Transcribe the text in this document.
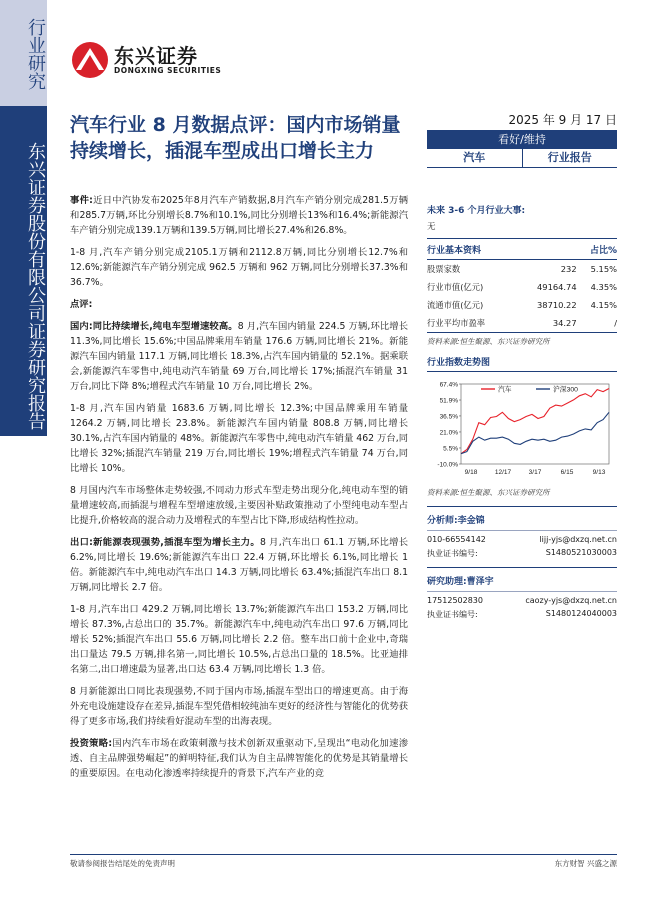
行业研究
东兴证券股份有限公司证券研究报告
东兴证券
DONGXING SECURITIES
汽车行业 8 月数据点评：国内市场销量持续增长，插混车型成出口增长主力
2025 年 9 月 17 日
看好/维持
汽车	行业报告

事件:近日中汽协发布2025年8月汽车产销数据,8月汽车产销分别完成281.5万辆和285.7万辆,环比分别增长8.7%和10.1%,同比分别增长13%和16.4%;新能源汽车产销分别完成139.1万辆和139.5万辆,同比增长27.4%和26.8%。

1-8 月,汽车产销分别完成2105.1万辆和2112.8万辆,同比分别增长12.7%和 12.6%;新能源汽车产销分别完成 962.5 万辆和 962 万辆,同比分别增长37.3%和36.7%。

点评:

国内:同比持续增长,纯电车型增速较高。8 月,汽车国内销量 224.5 万辆,环比增长 11.3%,同比增长 15.6%;中国品牌乘用车销量 176.6 万辆,同比增长 21%。新能源汽车国内销量 117.1 万辆,同比增长 18.3%,占汽车国内销量的 52.1%。据乘联会,新能源汽车零售中,纯电动汽车销量 69 万台,同比增长 17%;插混汽车销量 31 万台,同比下降 8%;增程式汽车销量 10 万台,同比增长 2%。

1-8 月,汽车国内销量 1683.6 万辆,同比增长 12.3%;中国品牌乘用车销量 1264.2 万辆,同比增长 23.8%。新能源汽车国内销量 808.8 万辆,同比增长 30.1%,占汽车国内销量的 48%。新能源汽车零售中,纯电动汽车销量 462 万台,同比增长 32%;插混汽车销量 219 万台,同比增长 19%;增程式汽车销量 74 万台,同比增长 10%。

8 月国内汽车市场整体走势较强,不同动力形式车型走势出现分化,纯电动车型的销量增速较高,而插混与增程车型增速放缓,主要因补贴政策推动了小型纯电动车型占比提升,价格较高的混合动力及增程式的车型占比下降,形成结构性拉动。

出口:新能源表现强势,插混车型为增长主力。8 月,汽车出口 61.1 万辆,环比增长 6.2%,同比增长 19.6%;新能源汽车出口 22.4 万辆,环比增长 6.1%,同比增长 1 倍。新能源汽车中,纯电动汽车出口 14.3 万辆,同比增长 63.4%;插混汽车出口 8.1 万辆,同比增长 2.7 倍。

1-8 月,汽车出口 429.2 万辆,同比增长 13.7%;新能源汽车出口 153.2 万辆,同比增长 87.3%,占总出口的 35.7%。新能源汽车中,纯电动汽车出口 97.6 万辆,同比增长 52%;插混汽车出口 55.6 万辆,同比增长 2.2 倍。整车出口前十企业中,奇瑞出口量达 79.5 万辆,排名第一,同比增长 10.5%,占总出口量的 18.5%。比亚迪排名第二,出口增速最为显著,出口达 63.4 万辆,同比增长 1.3 倍。

8 月新能源出口同比表现强势,不同于国内市场,插混车型出口的增速更高。由于海外充电设施建设存在差异,插混车型凭借相较纯油车更好的经济性与智能化的优势获得了更多市场,我们持续看好混动车型的出海表现。

投资策略:国内汽车市场在政策刺激与技术创新双重驱动下,呈现出“电动化加速渗透、自主品牌强势崛起”的鲜明特征,我们认为自主品牌智能化的优势是其销量增长的重要原因。在电动化渗透率持续提升的背景下,汽车产业的竞

未来 3-6 个月行业大事:
无
行业基本资料	占比%
股票家数	232	5.15%
行业市值(亿元)	49164.74	4.35%
流通市值(亿元)	38710.22	4.15%
行业平均市盈率	34.27	/
资料来源:恒生聚源、东兴证券研究所
行业指数走势图
67.4%
51.9%
36.5%
21.0%
5.5%
-10.0%
9/18	12/17	3/17	6/15	9/13
汽车	沪深300
资料来源:恒生聚源、东兴证券研究所
分析师:李金锦
010-66554142	lijj-yjs@dxzq.net.cn
执业证书编号:	S1480521030003
研究助理:曹泽宇
17512502830	caozy-yjs@dxzq.net.cn
执业证书编号:	S1480124040003
敬请参阅报告结尾处的免责声明	东方财智 兴盛之源
